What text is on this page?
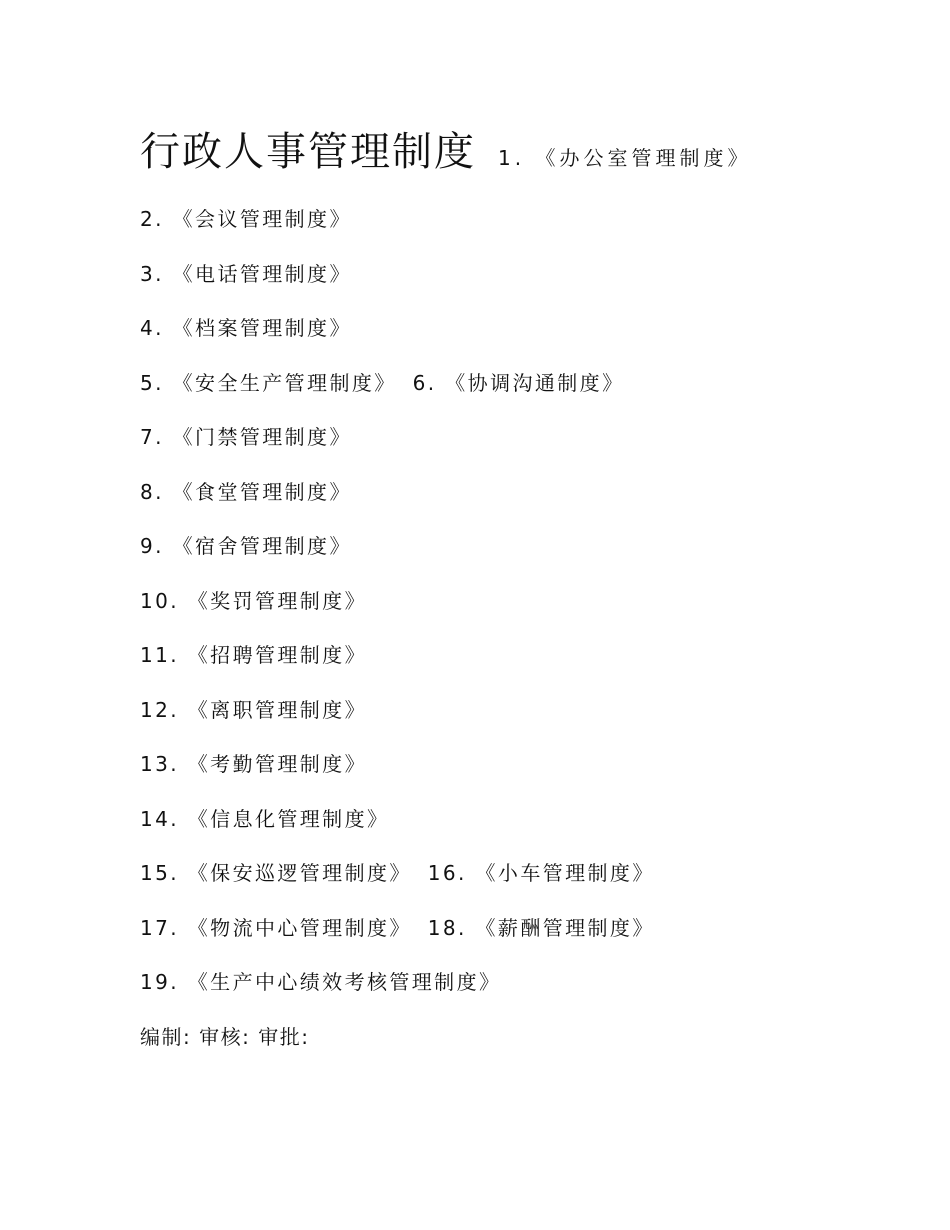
行政人事管理制度 1. 《办公室管理制度》
2. 《会议管理制度》
3. 《电话管理制度》
4. 《档案管理制度》
5. 《安全生产管理制度》 6. 《协调沟通制度》
7. 《门禁管理制度》
8. 《食堂管理制度》
9. 《宿舍管理制度》
10. 《奖罚管理制度》
11. 《招聘管理制度》
12. 《离职管理制度》
13. 《考勤管理制度》
14. 《信息化管理制度》
15. 《保安巡逻管理制度》 16. 《小车管理制度》
17. 《物流中心管理制度》 18. 《薪酬管理制度》
19. 《生产中心绩效考核管理制度》
编制: 审核: 审批:
